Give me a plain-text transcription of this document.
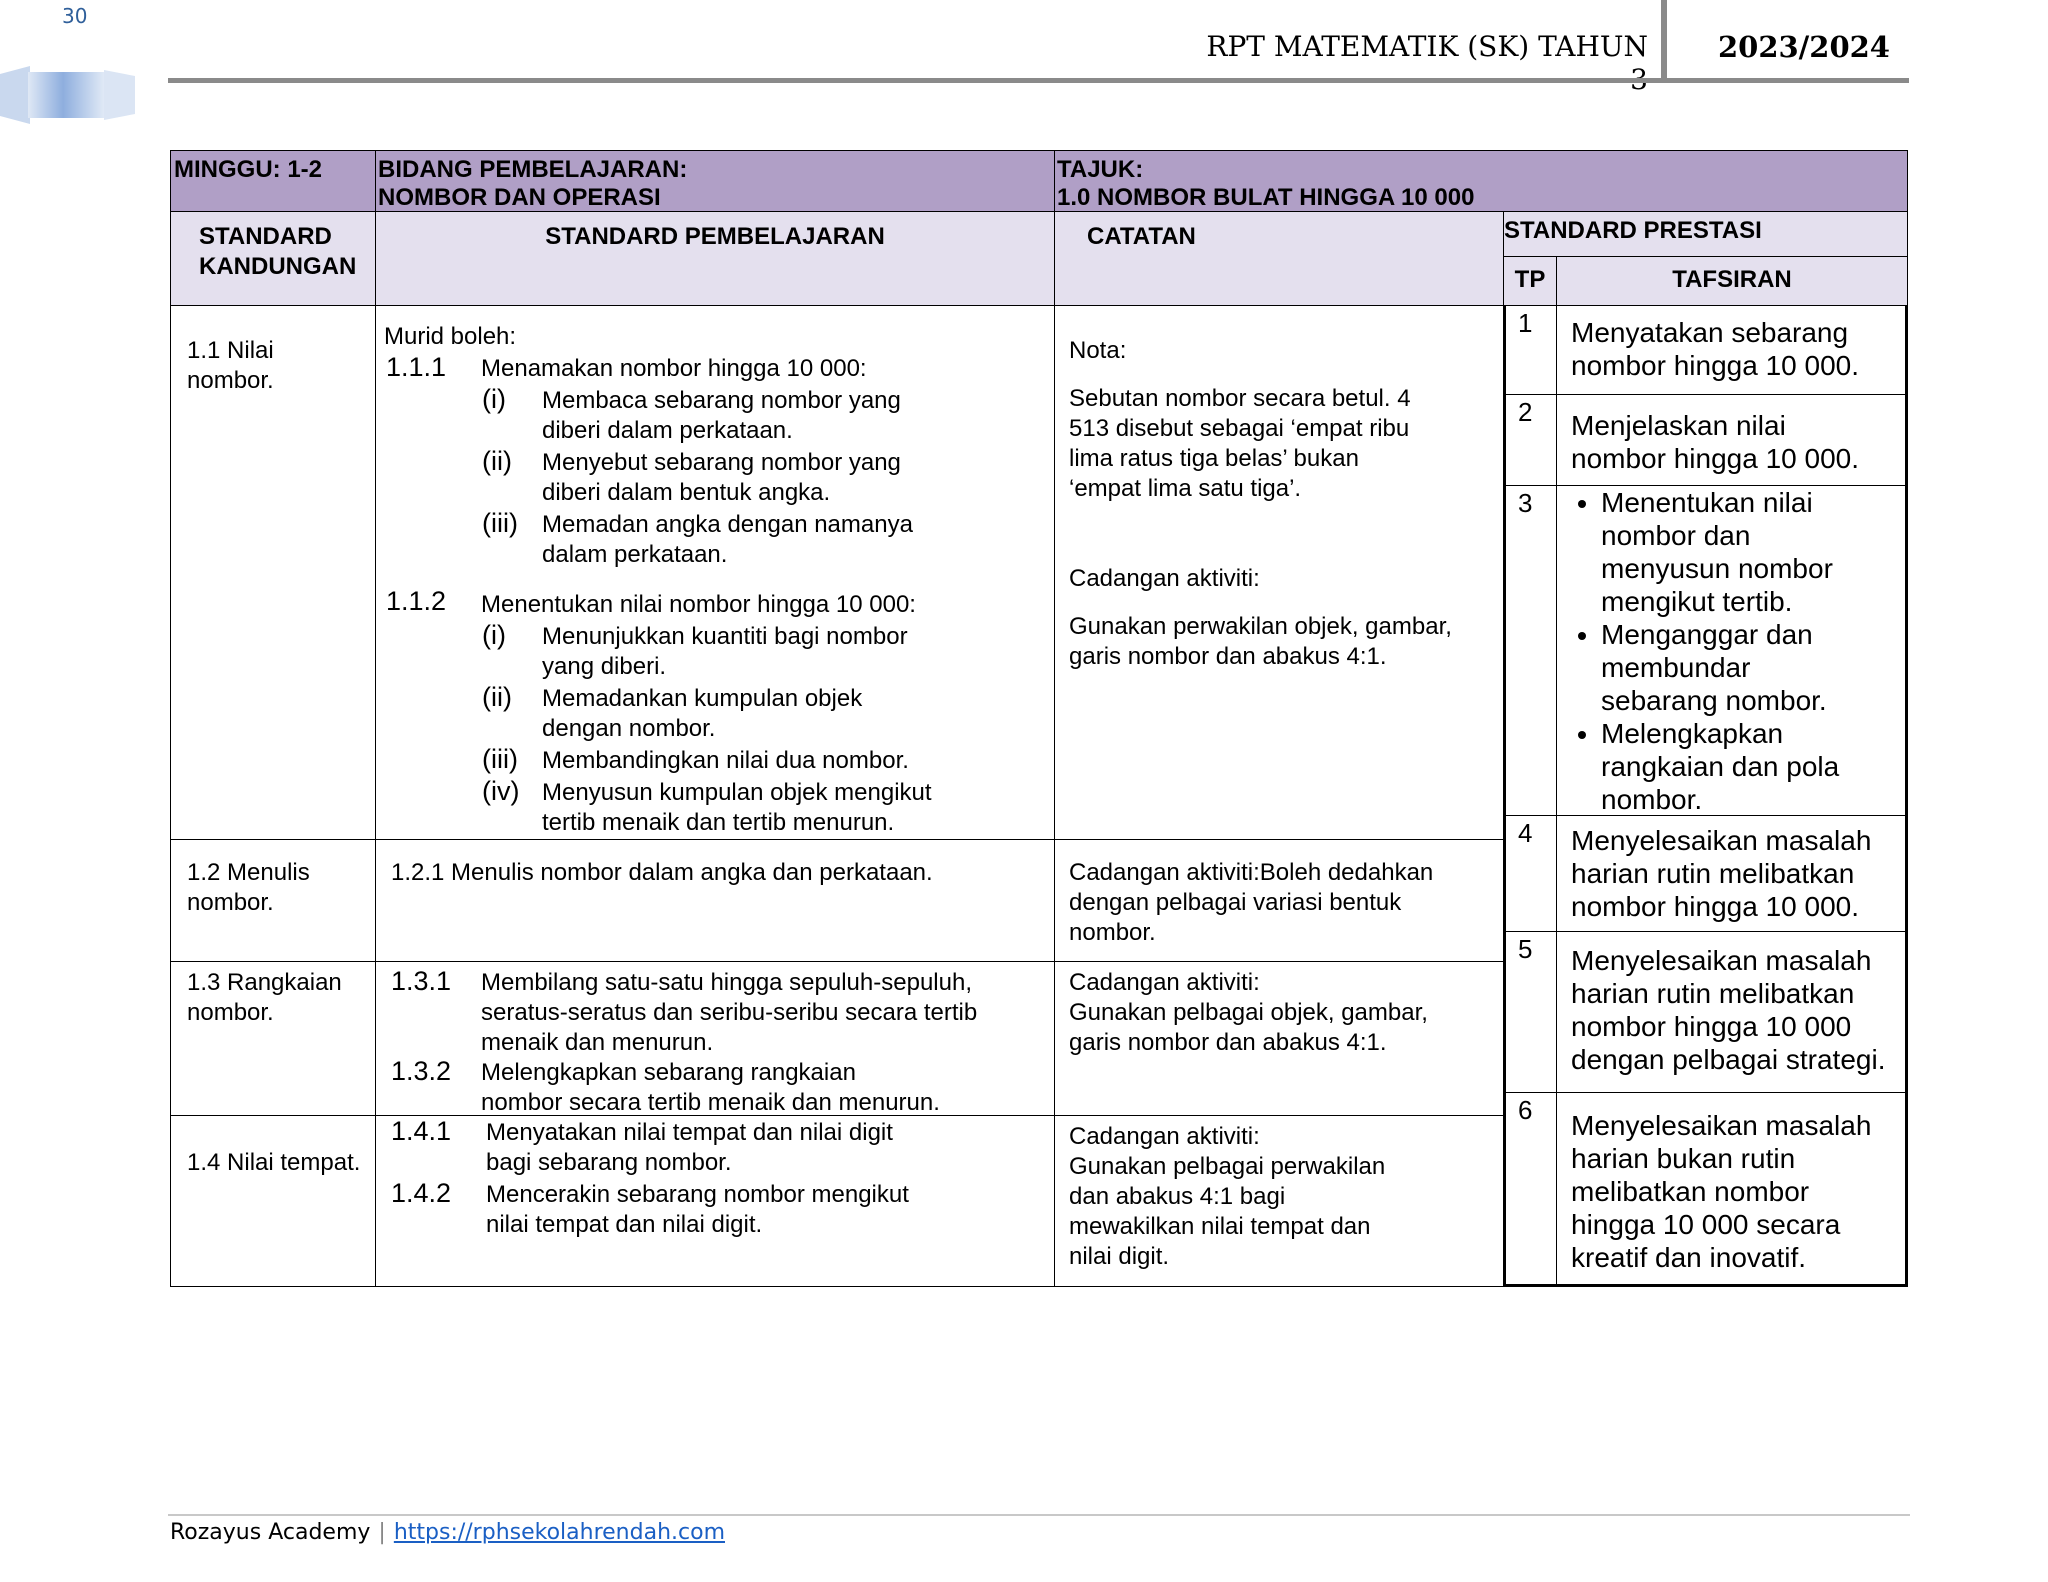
30
RPT MATEMATIK (SK) TAHUN	2023/2024
MINGGU: 1-2 BIDANG PEMBELAJARAN:
NOMBOR DAN OPERASI
TAJUK:
1.0 NOMBOR BULAT HINGGA 10 000
STANDARD
KANDUNGAN
STANDARD PEMBELAJARAN	CATATAN	STANDARD PRESTASI
TP	TAFSIRAN
1.1 Nilai
nombor.
Murid boleh:
1.1.1 Menamakan nombor hingga 10 000:
(i) Membaca sebarang nombor yang
diberi dalam perkataan.
(ii) Menyebut sebarang nombor yang
diberi dalam bentuk angka.
(iii) Memadan angka dengan namanya
dalam perkataan.
1.1.2 Menentukan nilai nombor hingga 10 000:
(i) Menunjukkan kuantiti bagi nombor
yang diberi.
(ii) Memadankan kumpulan objek
dengan nombor.
(iii) Membandingkan nilai dua nombor.
(iv) Menyusun kumpulan objek mengikut
tertib menaik dan tertib menurun.
Nota:
Sebutan nombor secara betul. 4
513 disebut sebagai ‘empat ribu
lima ratus tiga belas’ bukan
‘empat lima satu tiga’.
Cadangan aktiviti:
Gunakan perwakilan objek, gambar,
garis nombor dan abakus 4:1.
1.2 Menulis
nombor.
1.2.1 Menulis nombor dalam angka dan perkataan.	Cadangan aktiviti:Boleh dedahkan
dengan pelbagai variasi bentuk
nombor.
1.3 Rangkaian
nombor.
1.3.1 Membilang satu-satu hingga sepuluh-sepuluh,
seratus-seratus dan seribu-seribu secara tertib
menaik dan menurun.
1.3.2 Melengkapkan sebarang rangkaian
nombor secara tertib menaik dan menurun.
Cadangan aktiviti:
Gunakan pelbagai objek, gambar,
garis nombor dan abakus 4:1.
1.4 Nilai tempat.
1.4.1 Menyatakan nilai tempat dan nilai digit
bagi sebarang nombor.
1.4.2 Mencerakin sebarang nombor mengikut
nilai tempat dan nilai digit.
Cadangan aktiviti:
Gunakan pelbagai perwakilan
dan abakus 4:1 bagi
mewakilkan nilai tempat dan
nilai digit.
1 Menyatakan sebarang
nombor hingga 10 000.
2 Menjelaskan nilai
nombor hingga 10 000.
3
• Menentukan nilai
nombor dan
menyusun nombor
mengikut tertib.
• Menganggar dan
membundar
sebarang nombor.
• Melengkapkan
rangkaian dan pola
nombor.
4 Menyelesaikan masalah
harian rutin melibatkan
nombor hingga 10 000.
5 Menyelesaikan masalah
harian rutin melibatkan
nombor hingga 10 000
dengan pelbagai strategi.
6 Menyelesaikan masalah
harian bukan rutin
melibatkan nombor
hingga 10 000 secara
kreatif dan inovatif.
Rozayus Academy | https://rphsekolahrendah.com
